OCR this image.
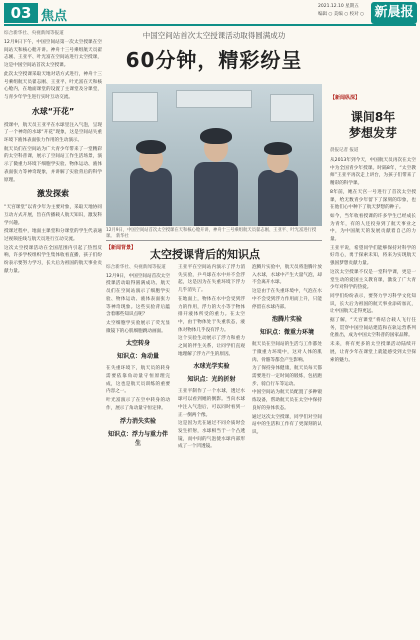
03 焦点
2021.12.10 星期五
编辑 ○ 美编 ○ 校对 ○ 新晨报
综合新华社、央视新闻等报道
12月9日下午，中国空间站第一次太空授课在空间站天和核心舱开讲。神舟十三号乘组航天员翟志刚、王亚平、叶光富在空间站进行太空授课，这是中国空间站首次太空授课。
此次太空授课采取天地对话方式进行，神舟十三号乘组航天员翟志刚、王亚平、叶光富在天和核心舱内，在地面课堂的设置了主课堂及分课堂，与青少年学生进行实时互动交流。
水球“开花”
授课中，航天员王亚平在水球里注入气泡，呈现了一个神奇的水球“开花”现象，这是空间站失重环境下液体表面张力作用的生动演示。
航天员们在空间站为广大青少年带来了一堂精彩的太空科普课，展示了空间站工作生活场景，演示了微重力环境下细胞学实验、物体运动、液体表面张力等神奇现象，并讲解了实验背后的科学原理。
激发探索
“天宫课堂”以青少年为主要对象，采取天地协同互动方式开展，旨在传播载人航天知识，激发科学兴趣。
授课过程中，地面主课堂和分课堂的学生代表通过视频连线与航天员进行互动交流。
这次太空授课活动在全国范围内引起了热烈反响，许多学校组织学生集体收看直播，孩子们纷纷表示要努力学习，长大后为祖国的航天事业贡献力量。
中国空间站首次太空授课活动取得圆满成功
60分钟，精彩纷呈
12月9日，中国空间站首次太空授课在天和核心舱开讲，神舟十三号乘组航天员翟志刚、王亚平、叶光富进行授课。 新华社
【新闻背景】 太空授课背后的知识点
综合新华社、央视新闻等报道
12月9日，中国空间站首次太空授课活动取得圆满成功。航天员们在空间站演示了细胞学实验、物体运动、液体表面张力等神奇现象。这些实验背后蕴含着哪些知识点呢？
太空细胞学实验展示了荧光显微镜下的心肌细胞跳动画面。
太空转身
知识点：角动量
在失重环境下，航天员的转身需要依靠角动量守恒原理完成，这也是航天员训练的重要内容之一。
叶光富演示了在空中转身的动作，展示了角动量守恒定律。
浮力消失实验
知识点：浮力与重力伴生
王亚平在空间站内演示了浮力消失实验，乒乓球在水中并不会浮起，这是因为在失重环境下浮力几乎消失了。
在地面上，物体在水中会受到浮力的作用，浮力的大小等于物体排开液体所受的重力。在太空中，由于物体处于失重状态，液体对物体几乎没有浮力。
这个实验生动展示了浮力和重力之间的伴生关系，让同学们直观地理解了浮力产生的原因。
水球光学实验
知识点：光的折射
王亚平制作了一个水球，透过水球可以看到她的倒影。当向水球中注入气泡后，可以同时看到一正一倒两个像。
这是因为光在通过不同介质时会发生折射，水球相当于一个凸透镜，而中间的气泡使水球内部形成了一个凹透镜。
泡腾片实验中，航天员将泡腾片放入水球，水球中产生大量气泡，却不会离开水球。
这是由于在失重环境中，气泡在水中不会受到浮力作用而上升，只能停留在水球内部。
泡腾片实验
知识点：微重力环境
航天员在空间站的生活与工作都处于微重力环境中，这对人体的肌肉、骨骼等都会产生影响。
为了保持身体健康，航天员每天都需要进行一定时间的锻炼，包括跑步、骑自行车等运动。
中国空间站为航天员配置了多种锻炼设备，帮助航天员在太空中保持良好的身体状态。
通过这次太空授课，同学们对空间站中的生活和工作有了更深刻的认识。
【新闻纵深】
课间8年
梦想发芽
晨报记者 报道
从2013年到今天，中国航天员再次在太空中为全国青少年授课。时隔8年，“太空教师”王亚平再次走上讲台，为孩子们带来了精彩的科学课。
8年前，她在天宫一号进行了首次太空授课，给无数青少年留下了深刻的印象，也在他们心中种下了航天梦想的种子。
如今，当年收看授课的许多学生已经成长为青年，有的人还投身到了航天事业之中，为中国航天的发展贡献着自己的力量。
王亚平说，希望同学们能够保持对科学的好奇心，勇于探索未知，将来为实现航天强国梦想贡献力量。
这次太空授课不仅是一堂科学课，更是一堂生动的爱国主义教育课，激发了广大青少年对科学的热爱。
同学们纷纷表示，要努力学习科学文化知识，长大后为祖国的航天事业添砖加瓦，让中国航天走得更远。
据了解，“天宫课堂”将结合载人飞行任务，贯穿中国空间站建造和在轨运营系列化推出，成为中国太空科普的国家品牌。
未来，将有更多的太空授课活动陆续开展，让青少年在课堂上就能感受到太空探索的魅力。
